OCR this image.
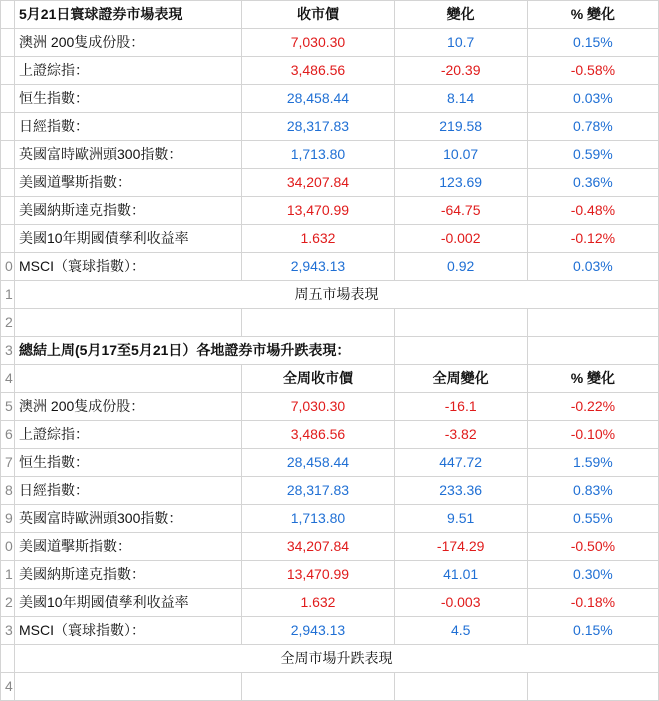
	5月21日寰球證券市場表現	收市價	變化	% 變化
	澳洲 200隻成份股：	7,030.30	10.7	0.15%
	上證綜指：	3,486.56	-20.39	-0.58%
	恒生指數：	28,458.44	8.14	0.03%
	日經指數：	28,317.83	219.58	0.78%
	英國富時歐洲頭300指數：	1,713.80	10.07	0.59%
	美國道擊斯指數：	34,207.84	123.69	0.36%
	美國納斯達克指數：	13,470.99	-64.75	-0.48%
	美國10年期國債孳利收益率	1.632	-0.002	-0.12%
0	MSCI（寰球指數）：	2,943.13	0.92	0.03%
1	周五市場表現			
2				
3	總結上周(5月17至5月21日）各地證券市場升跌表現：			
4		全周收市價	全周變化	% 變化
5	澳洲 200隻成份股：	7,030.30	-16.1	-0.22%
6	上證綜指：	3,486.56	-3.82	-0.10%
7	恒生指數：	28,458.44	447.72	1.59%
8	日經指數：	28,317.83	233.36	0.83%
9	英國富時歐洲頭300指數：	1,713.80	9.51	0.55%
0	美國道擊斯指數：	34,207.84	-174.29	-0.50%
1	美國納斯達克指數：	13,470.99	41.01	0.30%
2	美國10年期國債孳利收益率	1.632	-0.003	-0.18%
3	MSCI（寰球指數）：	2,943.13	4.5	0.15%
	全周市場升跌表現			
4				
